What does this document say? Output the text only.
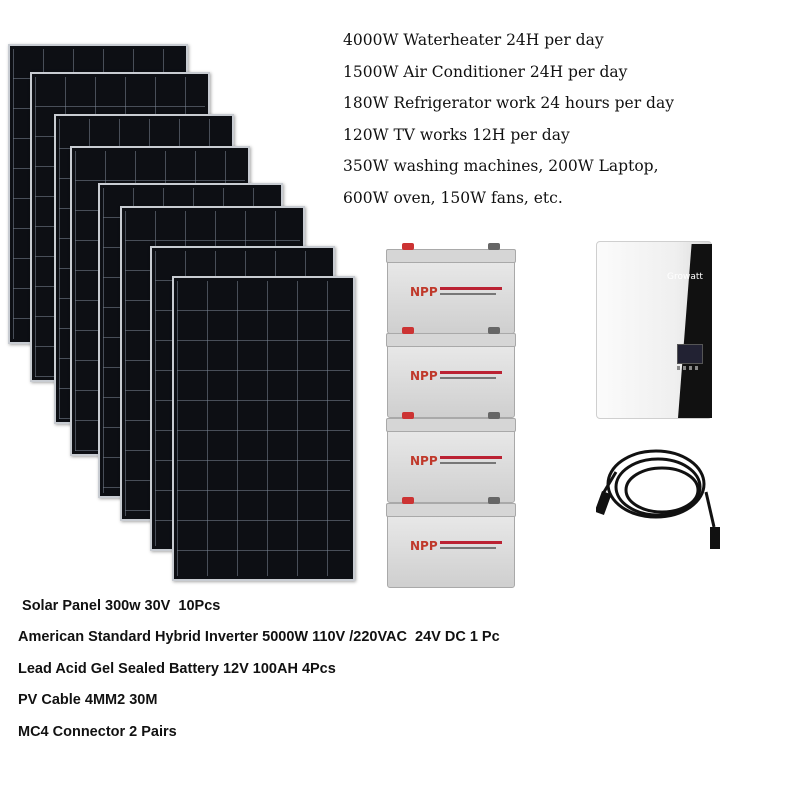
4000W Waterheater 24H per day
1500W Air Conditioner 24H per day
180W Refrigerator work 24 hours per day
120W TV works 12H per day
350W washing machines, 200W Laptop,
600W oven, 150W fans, etc.
NPP
NPP
NPP
NPP
Growatt
Solar Panel 300w 30V  10Pcs
American Standard Hybrid Inverter 5000W 110V /220VAC  24V DC 1 Pc
Lead Acid Gel Sealed Battery 12V 100AH 4Pcs
PV Cable 4MM2 30M
MC4 Connector 2 Pairs
